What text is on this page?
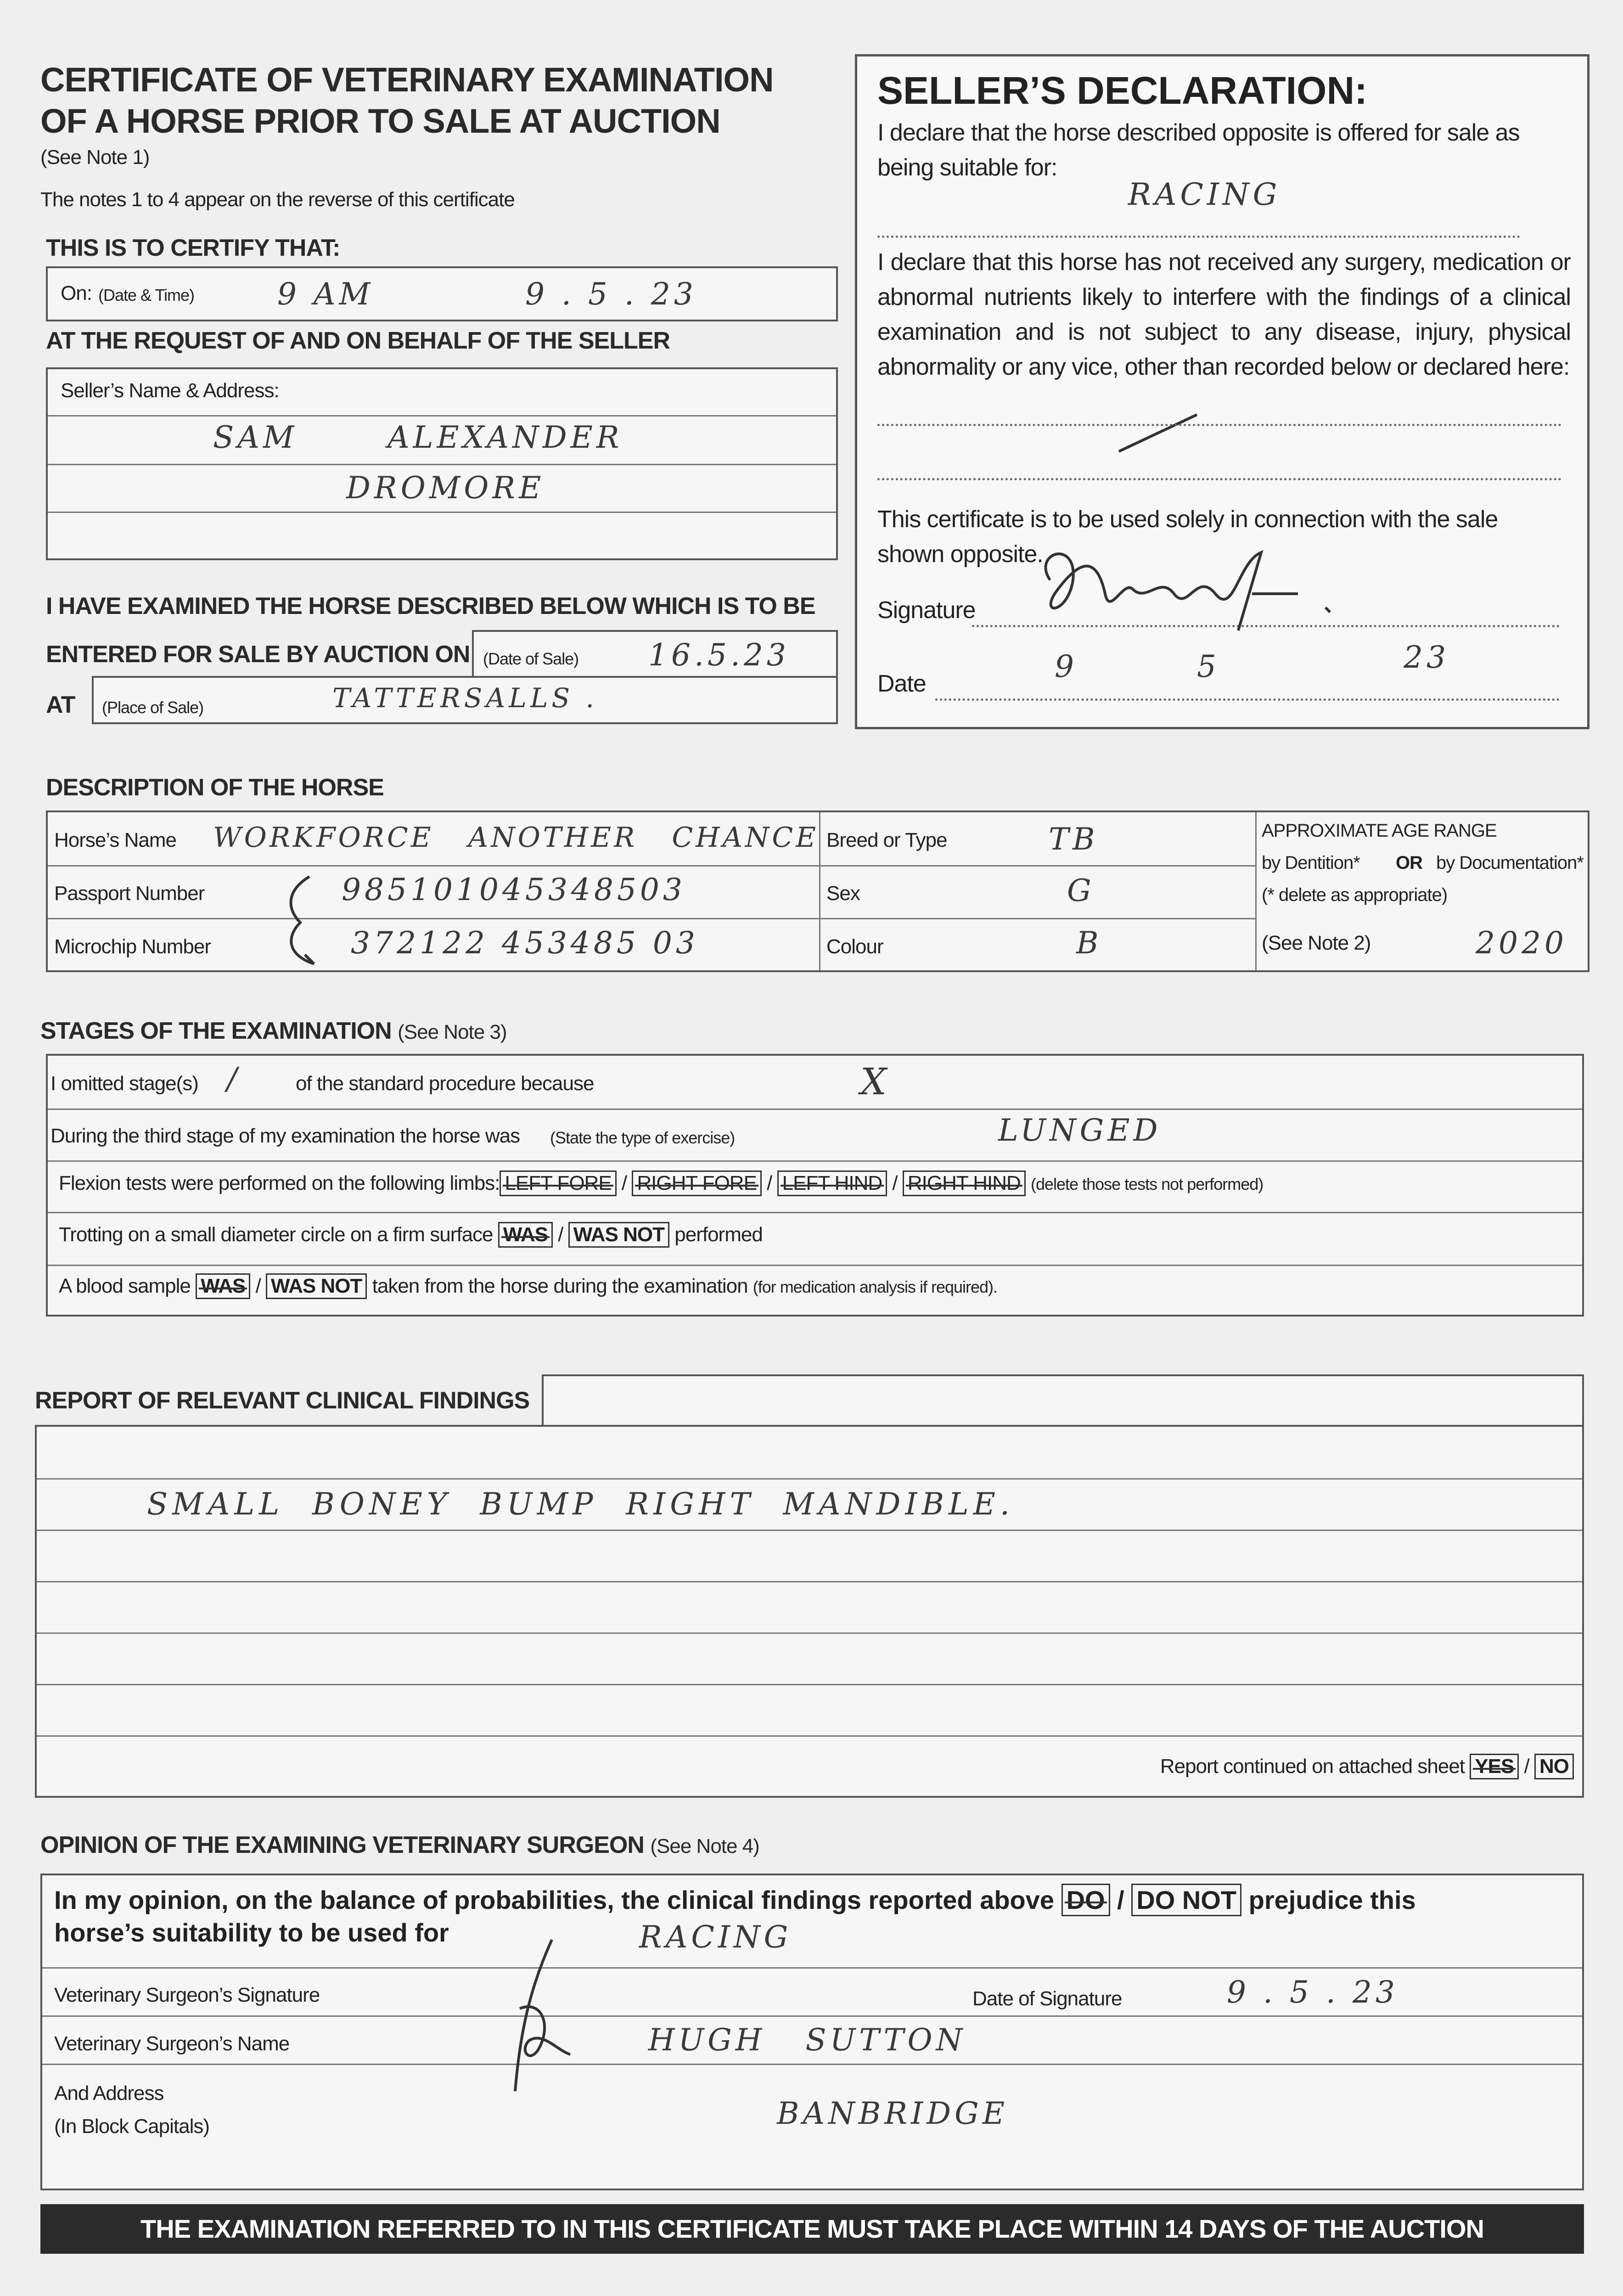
CERTIFICATE OF VETERINARY EXAMINATION
OF A HORSE PRIOR TO SALE AT AUCTION
(See Note 1)
The notes 1 to 4 appear on the reverse of this certificate
THIS IS TO CERTIFY THAT:
On: (Date & Time)	9 AM	9 . 5 . 23
AT THE REQUEST OF AND ON BEHALF OF THE SELLER
Seller’s Name & Address:
SAM	ALEXANDER
DROMORE
I HAVE EXAMINED THE HORSE DESCRIBED BELOW WHICH IS TO BE
ENTERED FOR SALE BY AUCTION ON (Date of Sale) 16.5.23
AT (Place of Sale)	TATTERSALLS .
SELLER’S DECLARATION:
I declare that the horse described opposite is offered for sale as being suitable for:
RACING
I declare that this horse has not received any surgery, medication or abnormal nutrients likely to interfere with the findings of a clinical examination and is not subject to any disease, injury, physical abnormality or any vice, other than recorded below or declared here:
This certificate is to be used solely in connection with the sale shown opposite.
Signature
Date	9	5	23
DESCRIPTION OF THE HORSE
Horse’s Name WORKFORCE   ANOTHER   CHANCE
Passport Number	985101045348503
Microchip Number	372122 453485 03
Breed or Type	TB
Sex	G
Colour	B
APPROXIMATE AGE RANGE
by Dentition* OR by Documentation*
(* delete as appropriate)
(See Note 2)	2020
STAGES OF THE EXAMINATION (See Note 3)
I omitted stage(s) /	of the standard procedure because	X
During the third stage of my examination the horse was (State the type of exercise)	LUNGED
Flexion tests were performed on the following limbs: LEFT FORE / RIGHT FORE / LEFT HIND / RIGHT HIND (delete those tests not performed)
Trotting on a small diameter circle on a firm surface WAS / WAS NOT performed
A blood sample WAS / WAS NOT taken from the horse during the examination (for medication analysis if required).
REPORT OF RELEVANT CLINICAL FINDINGS
SMALL  BONEY  BUMP  RIGHT  MANDIBLE.
Report continued on attached sheet YES / NO
OPINION OF THE EXAMINING VETERINARY SURGEON (See Note 4)
In my opinion, on the balance of probabilities, the clinical findings reported above DO / DO NOT prejudice this
horse’s suitability to be used for	RACING
Veterinary Surgeon’s Signature	Date of Signature	9 . 5 . 23
Veterinary Surgeon’s Name	HUGH   SUTTON
And Address
(In Block Capitals)	BANBRIDGE
THE EXAMINATION REFERRED TO IN THIS CERTIFICATE MUST TAKE PLACE WITHIN 14 DAYS OF THE AUCTION
